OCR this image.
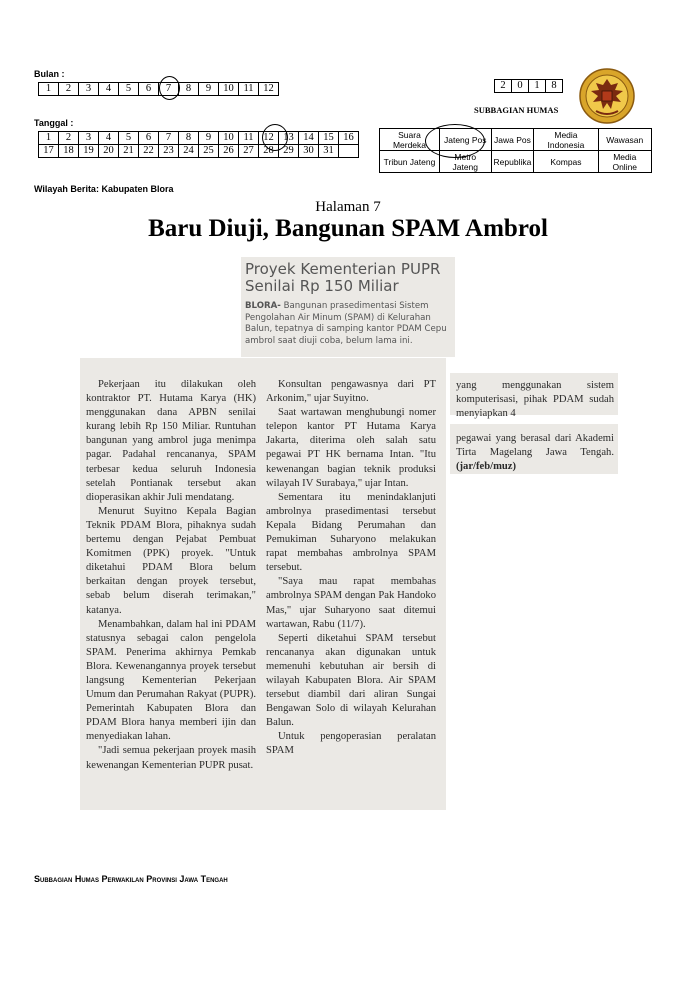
Bulan :
1	2	3	4	5	6	7	8	9	10	11	12
Tanggal :
1	2	3	4	5	6	7	8	9	10	11	12	13	14	15	16
17	18	19	20	21	22	23	24	25	26	27	28	29	30	31	
Wilayah Berita: Kabupaten Blora
2	0	1	8
SUBBAGIAN HUMAS
Suara Merdeka	Jateng Pos	Jawa Pos	Media Indonesia	Wawasan
Tribun Jateng	Metro Jateng	Republika	Kompas	Media Online
Halaman 7
Baru Diuji, Bangunan SPAM Ambrol
Proyek Kementerian PUPR
Senilai Rp 150 Miliar
BLORA- Bangunan prasedimentasi Sistem Pengolahan Air Minum (SPAM) di Kelurahan Balun, tepatnya di samping kantor PDAM Cepu ambrol saat diuji coba, belum lama ini.

Pekerjaan itu dilakukan oleh kontraktor PT. Hutama Karya (HK) menggunakan dana APBN senilai kurang lebih Rp 150 Miliar. Runtuhan bangunan yang ambrol juga menimpa pagar. Padahal rencananya, SPAM terbesar kedua seluruh Indonesia setelah Pontianak tersebut akan dioperasikan akhir Juli mendatang.

Menurut Suyitno Kepala Bagian Teknik PDAM Blora, pihaknya sudah bertemu dengan Pejabat Pembuat Komitmen (PPK) proyek. "Untuk diketahui PDAM Blora belum berkaitan dengan proyek tersebut, sebab belum diserah terimakan," katanya.

Menambahkan, dalam hal ini PDAM statusnya sebagai calon pengelola SPAM. Penerima akhirnya Pemkab Blora. Kewenangannya proyek tersebut langsung Kementerian Pekerjaan Umum dan Perumahan Rakyat (PUPR). Pemerintah Kabupaten Blora dan PDAM Blora hanya memberi ijin dan menyediakan lahan.

"Jadi semua pekerjaan proyek masih kewenangan Kementerian PUPR pusat.

Konsultan pengawasnya dari PT Arkonim," ujar Suyitno.

Saat wartawan menghubungi nomer telepon kantor PT Hutama Karya Jakarta, diterima oleh salah satu pegawai PT HK bernama Intan. "Itu kewenangan bagian teknik produksi wilayah IV Surabaya," ujar Intan.

Sementara itu menindaklanjuti ambrolnya prasedimentasi tersebut Kepala Bidang Perumahan dan Pemukiman Suharyono melakukan rapat membahas ambrolnya SPAM tersebut.

"Saya mau rapat membahas ambrolnya SPAM dengan Pak Handoko Mas," ujar Suharyono saat ditemui wartawan, Rabu (11/7).

Seperti diketahui SPAM tersebut rencananya akan digunakan untuk memenuhi kebutuhan air bersih di wilayah Kabupaten Blora. Air SPAM tersebut diambil dari aliran Sungai Bengawan Solo di wilayah Kelurahan Balun.

Untuk pengoperasian peralatan SPAM

yang menggunakan sistem komputerisasi, pihak PDAM sudah menyiapkan 4
pegawai yang berasal dari Akademi Tirta Magelang Jawa Tengah. (jar/feb/muz)
Subbagian Humas Perwakilan Provinsi Jawa Tengah
